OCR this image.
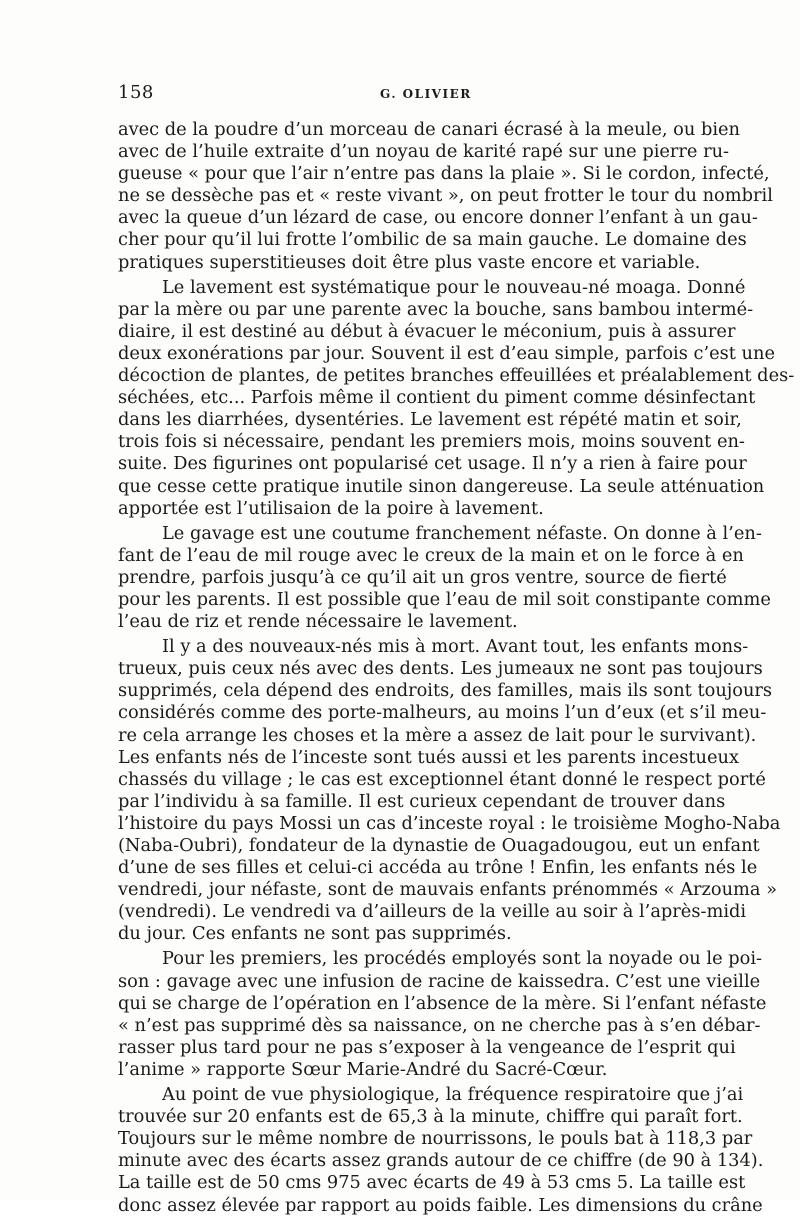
158	G. OLIVIER
avec de la poudre d’un morceau de canari écrasé à la meule, ou bien
avec de l’huile extraite d’un noyau de karité rapé sur une pierre ru-
gueuse « pour que l’air n’entre pas dans la plaie ». Si le cordon, infecté,
ne se dessèche pas et « reste vivant », on peut frotter le tour du nombril
avec la queue d’un lézard de case, ou encore donner l’enfant à un gau-
cher pour qu’il lui frotte l’ombilic de sa main gauche. Le domaine des
pratiques superstitieuses doit être plus vaste encore et variable.
Le lavement est systématique pour le nouveau-né moaga. Donné
par la mère ou par une parente avec la bouche, sans bambou intermé-
diaire, il est destiné au début à évacuer le méconium, puis à assurer
deux exonérations par jour. Souvent il est d’eau simple, parfois c’est une
décoction de plantes, de petites branches effeuillées et préalablement des-
séchées, etc... Parfois même il contient du piment comme désinfectant
dans les diarrhées, dysentéries. Le lavement est répété matin et soir,
trois fois si nécessaire, pendant les premiers mois, moins souvent en-
suite. Des figurines ont popularisé cet usage. Il n’y a rien à faire pour
que cesse cette pratique inutile sinon dangereuse. La seule atténuation
apportée est l’utilisaion de la poire à lavement.
Le gavage est une coutume franchement néfaste. On donne à l’en-
fant de l’eau de mil rouge avec le creux de la main et on le force à en
prendre, parfois jusqu’à ce qu’il ait un gros ventre, source de fierté
pour les parents. Il est possible que l’eau de mil soit constipante comme
l’eau de riz et rende nécessaire le lavement.
Il y a des nouveaux-nés mis à mort. Avant tout, les enfants mons-
trueux, puis ceux nés avec des dents. Les jumeaux ne sont pas toujours
supprimés, cela dépend des endroits, des familles, mais ils sont toujours
considérés comme des porte-malheurs, au moins l’un d’eux (et s’il meu-
re cela arrange les choses et la mère a assez de lait pour le survivant).
Les enfants nés de l’inceste sont tués aussi et les parents incestueux
chassés du village ; le cas est exceptionnel étant donné le respect porté
par l’individu à sa famille. Il est curieux cependant de trouver dans
l’histoire du pays Mossi un cas d’inceste royal : le troisième Mogho-Naba
(Naba-Oubri), fondateur de la dynastie de Ouagadougou, eut un enfant
d’une de ses filles et celui-ci accéda au trône ! Enfin, les enfants nés le
vendredi, jour néfaste, sont de mauvais enfants prénommés « Arzouma »
(vendredi). Le vendredi va d’ailleurs de la veille au soir à l’après-midi
du jour. Ces enfants ne sont pas supprimés.
Pour les premiers, les procédés employés sont la noyade ou le poi-
son : gavage avec une infusion de racine de kaissedra. C’est une vieille
qui se charge de l’opération en l’absence de la mère. Si l’enfant néfaste
« n’est pas supprimé dès sa naissance, on ne cherche pas à s’en débar-
rasser plus tard pour ne pas s’exposer à la vengeance de l’esprit qui
l’anime » rapporte Sœur Marie-André du Sacré-Cœur.
Au point de vue physiologique, la fréquence respiratoire que j’ai
trouvée sur 20 enfants est de 65,3 à la minute, chiffre qui paraît fort.
Toujours sur le même nombre de nourrissons, le pouls bat à 118,3 par
minute avec des écarts assez grands autour de ce chiffre (de 90 à 134).
La taille est de 50 cms 975 avec écarts de 49 à 53 cms 5. La taille est
donc assez élevée par rapport au poids faible. Les dimensions du crâne
